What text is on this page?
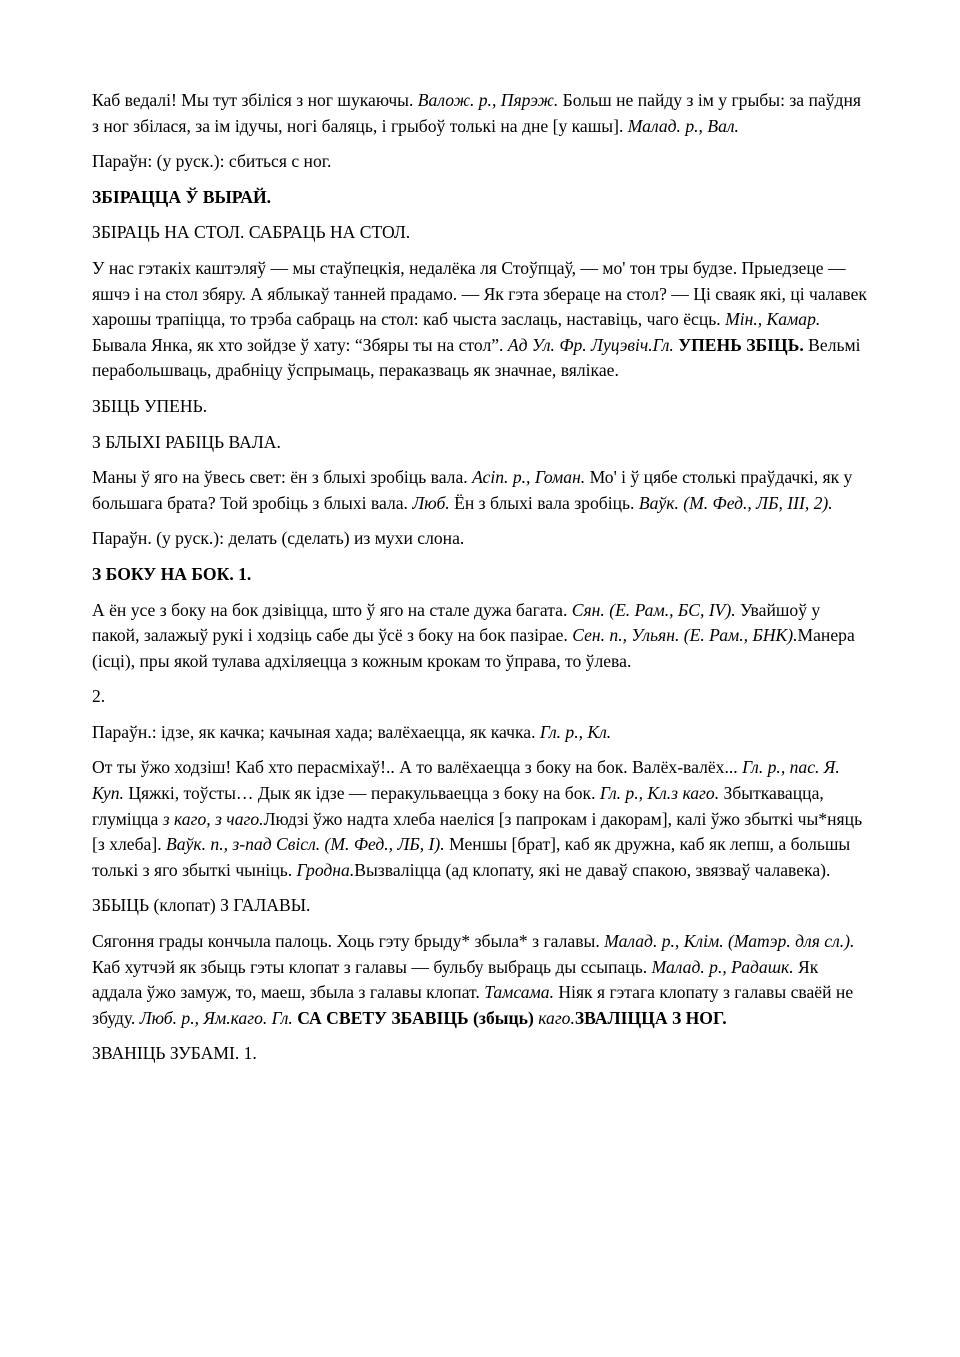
Каб ведалі! Мы тут збіліся з ног шукаючы. Валож. р., Пярэж. Больш не пайду з ім у грыбы: за паўдня з ног збілася, за ім ідучы, ногі баляць, і грыбоў толькі на дне [у кашы]. Малад. р., Вал.

Параўн: (у руск.): сбиться с ног.

ЗБІРАЦЦА Ў ВЫРАЙ.

ЗБІРАЦЬ НА СТОЛ. САБРАЦЬ НА СТОЛ.

У нас гэтакіх каштэляў — мы стаўпецкія, недалёка ля Стоўпцаў, — мо' тон тры будзе. Прыедзеце — яшчэ і на стол збяру. А яблыкаў танней прадамо. — Як гэта зберацe на стол? — Ці сваяк які, ці чалавек харошы трапіцца, то трэба сабраць на стол: каб чыста заслаць, наставіць, чаго ёсць. Мін., Камар. Бывала Янка, як хто зойдзе ў хату: “Збяры ты на стол”. Ад Ул. Фр. Луцэвіч.Гл. УПЕНЬ ЗБІЦЬ. Вельмі перабольшваць, драбніцу ўспрымаць, пераказваць як значнае, вялікае.

ЗБІЦЬ УПЕНЬ.

З БЛЫХІ РАБІЦЬ ВАЛА.

Маны ў яго на ўвесь свет: ён з блыхі зробіць вала. Асіп. р., Гоман. Мо' і ў цябе столькі праўдачкі, як у большага брата? Той зробіць з блыхі вала. Люб. Ён з блыхі вала зробіць. Ваўк. (М. Фед., ЛБ, III, 2).

Параўн. (у руск.): делать (сделать) из мухи слона.

З БОКУ НА БОК. 1.

А ён усе з боку на бок дзівіцца, што ў яго на стале дужа багата. Сян. (Е. Рам., БС, IV). Увайшоў у пакой, залажыў рукі і ходзіць сабе ды ўсё з боку на бок пазірае. Сен. п., Ульян. (Е. Рам., БНК).Манера (ісці), пры якой тулава адхіляецца з кожным крокам то ўправа, то ўлева.

2.

Параўн.: ідзе, як качка; качыная хада; валёхаецца, як качка. Гл. р., Кл.

От ты ўжо ходзіш! Каб хто перасміхаў!.. А то валёхаецца з боку на бок. Валёх-валёх... Гл. р., пас. Я. Куп. Цяжкі, тоўсты… Дык як ідзе — перакульваецца з боку на бок. Гл. р., Кл.з каго. Збыткавацца, глуміцца з каго, з чаго.Людзі ўжо надта хлеба наеліся [з папрокам і дакорам], калі ўжо збыткі чы*няць [з хлеба]. Ваўк. п., з-пад Свісл. (М. Фед., ЛБ, I). Меншы [брат], каб як дружна, каб як лепш, а большы толькі з яго збыткі чыніць. Гродна.Вызваліцца (ад клопату, які не даваў спакою, звязваў чалавека).

ЗБЫЦЬ (клопат) З ГАЛАВЫ.

Сягоння грады кончыла палоць. Хоць гэту брыду* збыла* з галавы. Малад. р., Клім. (Матэр. для сл.). Каб хутчэй як збыць гэты клопат з галавы — бульбу выбраць ды ссыпаць. Малад. р., Радашк. Як аддала ўжо замуж, то, маеш, збыла з галавы клопат. Тамсама. Ніяк я гэтага клопату з галавы сваёй не збуду. Люб. р., Ям.каго. Гл. СА СВЕТУ ЗБАВІЦЬ (збыць) каго.ЗВАЛІЦЦА З НОГ.

ЗВАНІЦЬ ЗУБАМІ. 1.
